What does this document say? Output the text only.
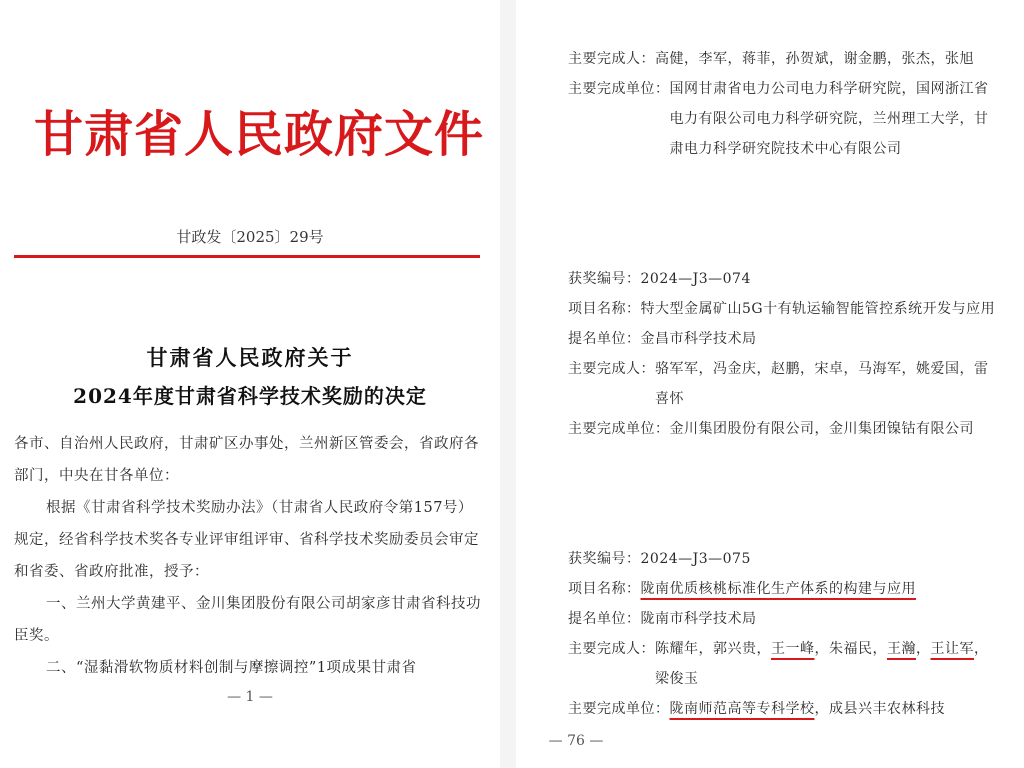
甘肃省人民政府文件
甘政发〔2025〕29号
甘肃省人民政府关于
2024年度甘肃省科学技术奖励的决定
各市、自治州人民政府，甘肃矿区办事处，兰州新区管委会，省政府各部门，中央在甘各单位：
根据《甘肃省科学技术奖励办法》（甘肃省人民政府令第157号）规定，经省科学技术奖各专业评审组评审、省科学技术奖励委员会审定和省委、省政府批准，授予：
一、兰州大学黄建平、金川集团股份有限公司胡家彦甘肃省科技功臣奖。
二、“湿黏滑软物质材料创制与摩擦调控”1项成果甘肃省
— 1 —
主要完成人： 高健，李军，蒋菲，孙贺斌，谢金鹏，张杰，张旭
主要完成单位： 国网甘肃省电力公司电力科学研究院，国网浙江省电力有限公司电力科学研究院，兰州理工大学，甘肃电力科学研究院技术中心有限公司
获奖编号： 2024—J3—074
项目名称： 特大型金属矿山5G十有轨运输智能管控系统开发与应用
提名单位： 金昌市科学技术局
主要完成人： 骆军军，冯金庆，赵鹏，宋卓，马海军，姚爱国，雷喜怀
主要完成单位： 金川集团股份有限公司，金川集团镍钴有限公司
获奖编号： 2024—J3—075
项目名称： 陇南优质核桃标准化生产体系的构建与应用
提名单位： 陇南市科学技术局
主要完成人： 陈耀年，郭兴贵，王一峰，朱福民，王瀚，王让军，梁俊玉
主要完成单位： 陇南师范高等专科学校，成县兴丰农林科技
— 76 —
